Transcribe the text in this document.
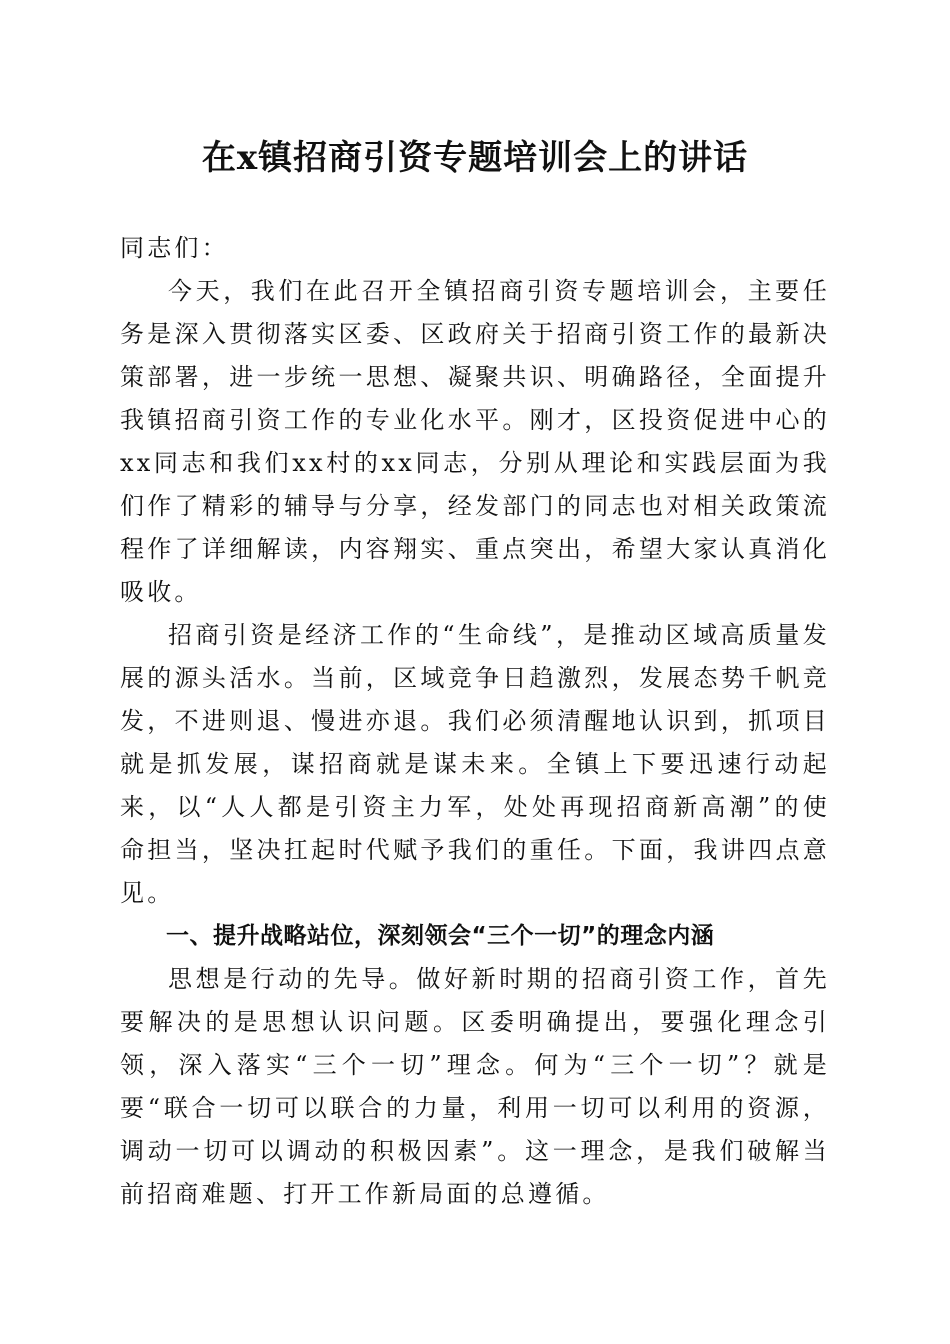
在x镇招商引资专题培训会上的讲话

同志们：

今天，我们在此召开全镇招商引资专题培训会，主要任务是深入贯彻落实区委、区政府关于招商引资工作的最新决策部署，进一步统一思想、凝聚共识、明确路径，全面提升我镇招商引资工作的专业化水平。刚才，区投资促进中心的xx同志和我们xx村的xx同志，分别从理论和实践层面为我们作了精彩的辅导与分享，经发部门的同志也对相关政策流程作了详细解读，内容翔实、重点突出，希望大家认真消化吸收。

招商引资是经济工作的“生命线”，是推动区域高质量发展的源头活水。当前，区域竞争日趋激烈，发展态势千帆竞发，不进则退、慢进亦退。我们必须清醒地认识到，抓项目就是抓发展，谋招商就是谋未来。全镇上下要迅速行动起来，以“人人都是引资主力军，处处再现招商新高潮”的使命担当，坚决扛起时代赋予我们的重任。下面，我讲四点意见。

一、提升战略站位，深刻领会“三个一切”的理念内涵

思想是行动的先导。做好新时期的招商引资工作，首先要解决的是思想认识问题。区委明确提出，要强化理念引领，深入落实“三个一切”理念。何为“三个一切”？就是要“联合一切可以联合的力量，利用一切可以利用的资源，调动一切可以调动的积极因素”。这一理念，是我们破解当前招商难题、打开工作新局面的总遵循。
